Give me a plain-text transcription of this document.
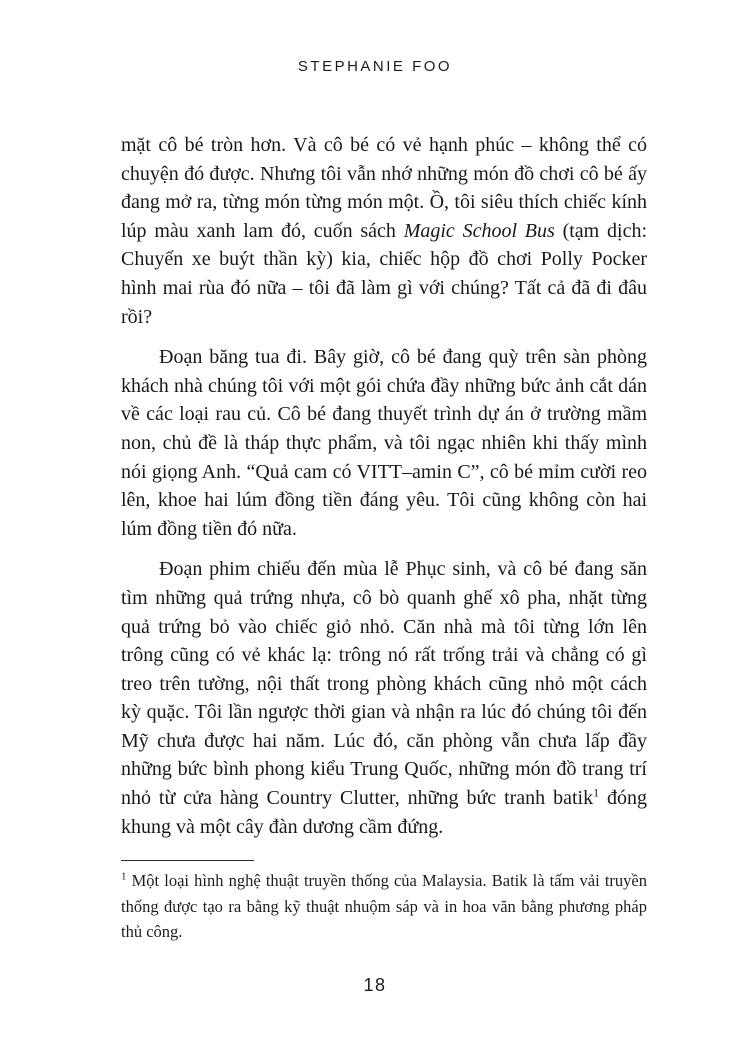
STEPHANIE FOO

mặt cô bé tròn hơn. Và cô bé có vẻ hạnh phúc – không thể có chuyện đó được. Nhưng tôi vẫn nhớ những món đồ chơi cô bé ấy đang mở ra, từng món từng món một. Ồ, tôi siêu thích chiếc kính lúp màu xanh lam đó, cuốn sách Magic School Bus (tạm dịch: Chuyến xe buýt thần kỳ) kia, chiếc hộp đồ chơi Polly Pocker hình mai rùa đó nữa – tôi đã làm gì với chúng? Tất cả đã đi đâu rồi?

Đoạn băng tua đi. Bây giờ, cô bé đang quỳ trên sàn phòng khách nhà chúng tôi với một gói chứa đầy những bức ảnh cắt dán về các loại rau củ. Cô bé đang thuyết trình dự án ở trường mầm non, chủ đề là tháp thực phẩm, và tôi ngạc nhiên khi thấy mình nói giọng Anh. “Quả cam có VITT–amin C”, cô bé mỉm cười reo lên, khoe hai lúm đồng tiền đáng yêu. Tôi cũng không còn hai lúm đồng tiền đó nữa.

Đoạn phim chiếu đến mùa lễ Phục sinh, và cô bé đang săn tìm những quả trứng nhựa, cô bò quanh ghế xô pha, nhặt từng quả trứng bỏ vào chiếc giỏ nhỏ. Căn nhà mà tôi từng lớn lên trông cũng có vẻ khác lạ: trông nó rất trống trải và chẳng có gì treo trên tường, nội thất trong phòng khách cũng nhỏ một cách kỳ quặc. Tôi lần ngược thời gian và nhận ra lúc đó chúng tôi đến Mỹ chưa được hai năm. Lúc đó, căn phòng vẫn chưa lấp đầy những bức bình phong kiểu Trung Quốc, những món đồ trang trí nhỏ từ cửa hàng Country Clutter, những bức tranh batik$^1$ đóng khung và một cây đàn dương cầm đứng.

$^1$ Một loại hình nghệ thuật truyền thống của Malaysia. Batik là tấm vải truyền thống được tạo ra bằng kỹ thuật nhuộm sáp và in hoa văn bằng phương pháp thủ công.

18
